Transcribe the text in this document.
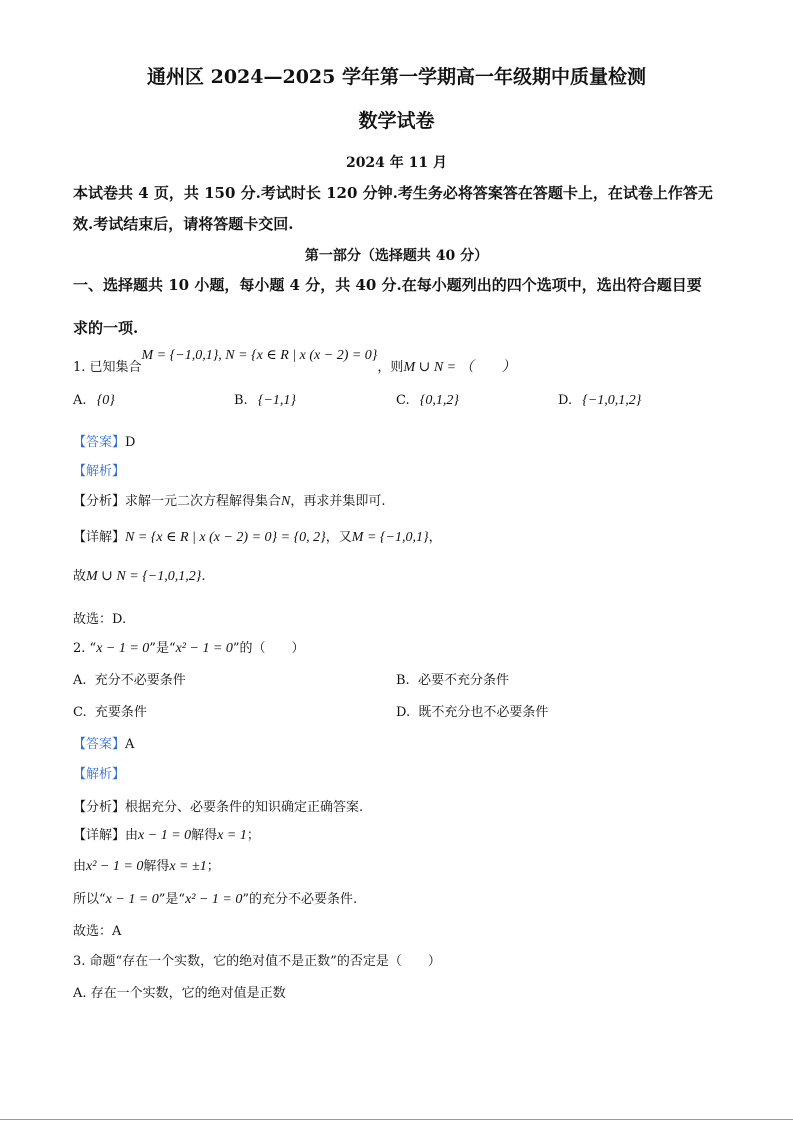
通州区 2024—2025 学年第一学期高一年级期中质量检测
数学试卷
2024 年 11 月
本试卷共 4 页，共 150 分.考试时长 120 分钟.考生务必将答案答在答题卡上，在试卷上作答无
效.考试结束后，请将答题卡交回.
第一部分（选择题共 40 分）
一、选择题共 10 小题，每小题 4 分，共 40 分.在每小题列出的四个选项中，选出符合题目要
求的一项.
$_{1. 已知集合}$M = {−1,0,1}, N = {x ∈ R | x $(x - 2) = 0\}_{,则}M$ ∪ N = （　　）
A. {0}	B. {−1,1}	C. {0,1,2}	D. {−1,0,1,2}
【答案】D
【解析】
【分析】求解一元二次方程解得集合N，再求并集即可.
【详解】N = {x ∈ R | x (x − 2) = 0} = {0, 2}，又M = {−1,0,1}，
故M ∪ N = {−1,0,1,2}.
故选：D.
2. “x − 1 = 0”是“x² − 1 = 0”的（　　）
A. 充分不必要条件	B. 必要不充分条件
C. 充要条件	D. 既不充分也不必要条件
【答案】A
【解析】
【分析】根据充分、必要条件的知识确定正确答案.
【详解】由x − 1 = 0解得x = 1；
由x² − 1 = 0解得x = ±1；
所以“x − 1 = 0”是“x² − 1 = 0”的充分不必要条件.
故选：A
3. 命题“存在一个实数，它的绝对值不是正数”的否定是（　　）
A. 存在一个实数，它的绝对值是正数
